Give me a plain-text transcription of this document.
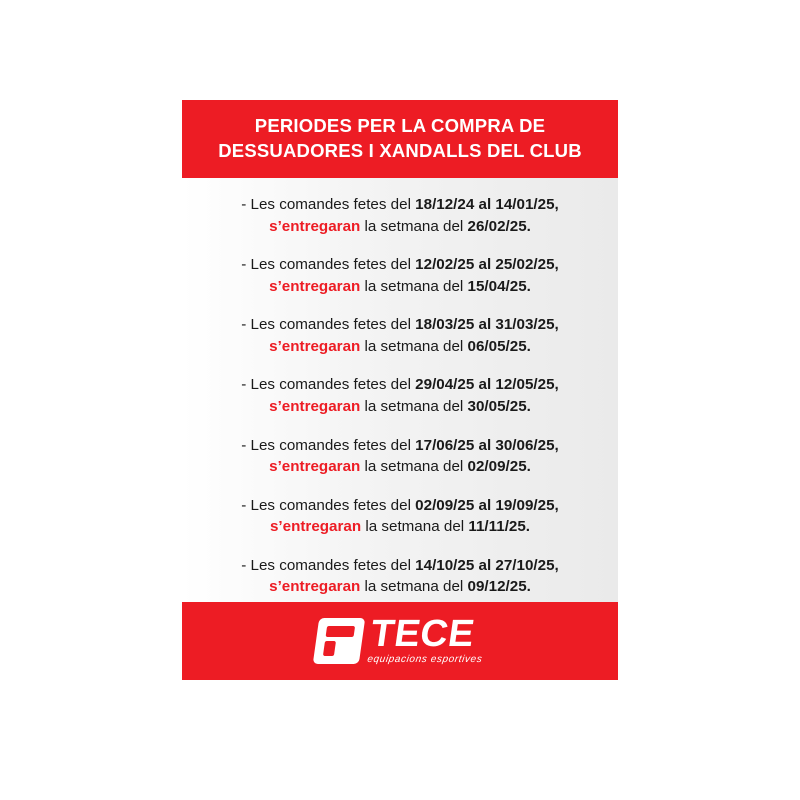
PERIODES PER LA COMPRA DE
DESSUADORES I XANDALLS DEL CLUB
- Les comandes fetes del 18/12/24 al 14/01/25,
s’entregaran la setmana del 26/02/25.
- Les comandes fetes del 12/02/25 al 25/02/25,
s’entregaran la setmana del 15/04/25.
- Les comandes fetes del 18/03/25 al 31/03/25,
s’entregaran la setmana del 06/05/25.
- Les comandes fetes del 29/04/25 al 12/05/25,
s’entregaran la setmana del 30/05/25.
- Les comandes fetes del 17/06/25 al 30/06/25,
s’entregaran la setmana del 02/09/25.
- Les comandes fetes del 02/09/25 al 19/09/25,
s’entregaran la setmana del 11/11/25.
- Les comandes fetes del 14/10/25 al 27/10/25,
s’entregaran la setmana del 09/12/25.
TECE
equipacions esportives
